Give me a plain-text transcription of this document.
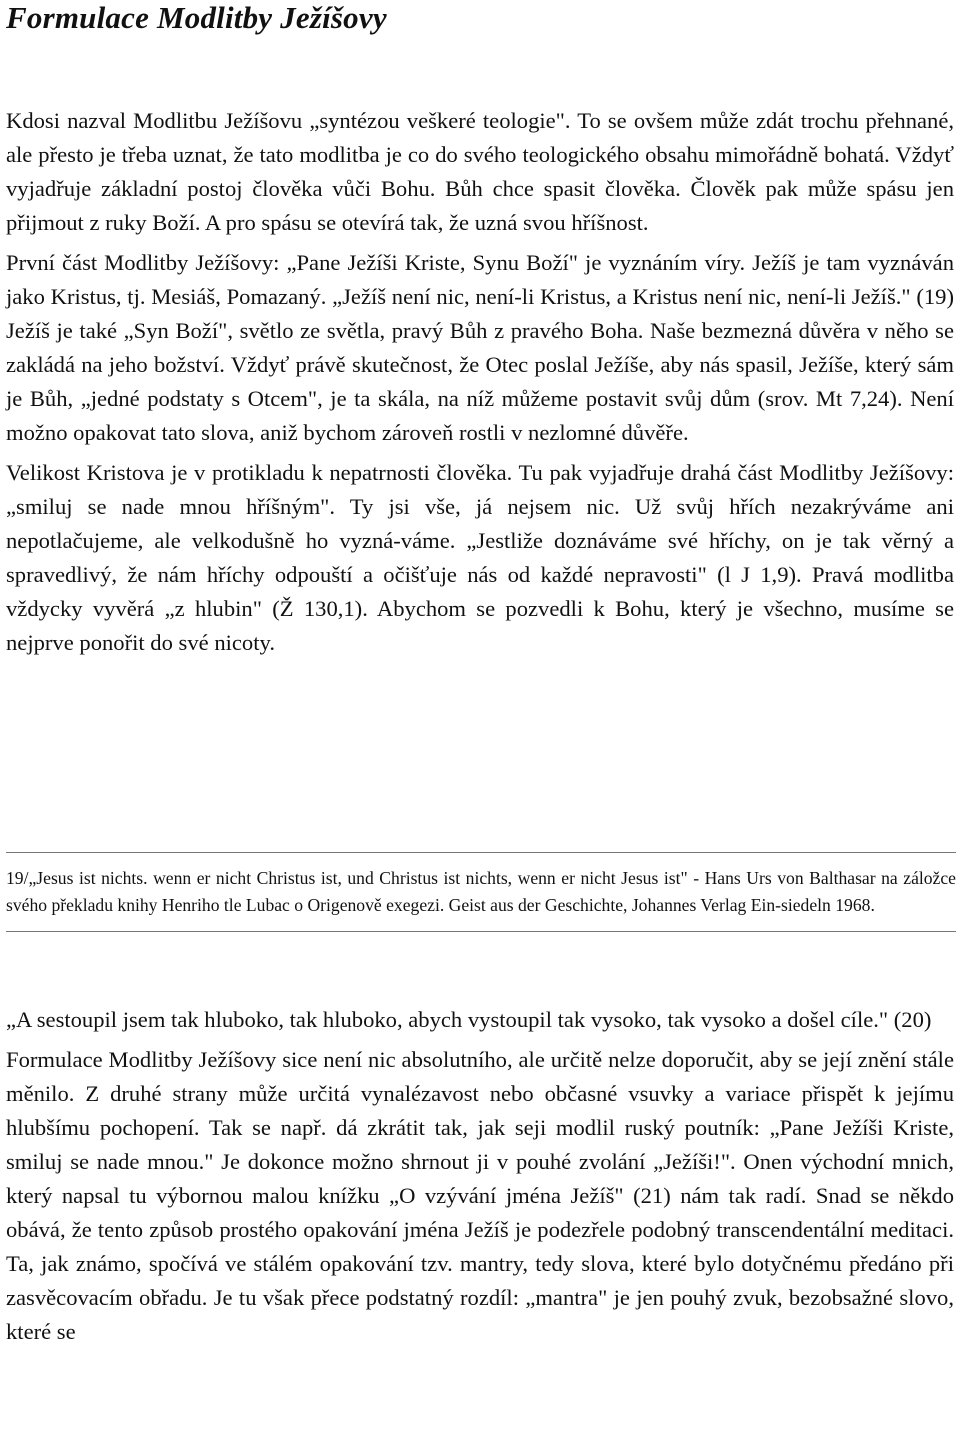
Formulace Modlitby Ježíšovy

Kdosi nazval Modlitbu Ježíšovu „syntézou veškeré teologie". To se ovšem může zdát trochu přehnané, ale přesto je třeba uznat, že tato modlitba je co do svého teologického obsahu mimořádně bohatá. Vždyť vyjadřuje základní postoj člověka vůči Bohu. Bůh chce spasit člověka. Člověk pak může spásu jen přijmout z ruky Boží. A pro spásu se otevírá tak, že uzná svou hříšnost.

První část Modlitby Ježíšovy: „Pane Ježíši Kriste, Synu Boží" je vyznáním víry. Ježíš je tam vyznáván jako Kristus, tj. Mesiáš, Pomazaný. „Ježíš není nic, není-li Kristus, a Kristus není nic, není-li Ježíš." (19) Ježíš je také „Syn Boží", světlo ze světla, pravý Bůh z pravého Boha. Naše bezmezná důvěra v něho se zakládá na jeho božství. Vždyť právě skutečnost, že Otec poslal Ježíše, aby nás spasil, Ježíše, který sám je Bůh, „jedné podstaty s Otcem", je ta skála, na níž můžeme postavit svůj dům (srov. Mt 7,24). Není možno opakovat tato slova, aniž bychom zároveň rostli v nezlomné důvěře.

Velikost Kristova je v protikladu k nepatrnosti člověka. Tu pak vyjadřuje drahá část Modlitby Ježíšovy: „smiluj se nade mnou hříšným". Ty jsi vše, já nejsem nic. Už svůj hřích nezakrýváme ani nepotlačujeme, ale velkodušně ho vyzná-váme. „Jestliže doznáváme své hříchy, on je tak věrný a spravedlivý, že nám hříchy odpouští a očišťuje nás od každé nepravosti" (l J 1,9). Pravá modlitba vždycky vyvěrá „z hlubin" (Ž 130,1). Abychom se pozvedli k Bohu, který je všechno, musíme se nejprve ponořit do své nicoty.

19/„Jesus ist nichts. wenn er nicht Christus ist, und Christus ist nichts, wenn er nicht Jesus ist" - Hans Urs von Balthasar na záložce svého překladu knihy Henriho tle Lubac o Origenově exegezi. Geist aus der Geschichte, Johannes Verlag Ein-siedeln 1968.

„A sestoupil jsem tak hluboko, tak hluboko, abych vystoupil tak vysoko, tak vysoko a došel cíle." (20)

Formulace Modlitby Ježíšovy sice není nic absolutního, ale určitě nelze doporučit, aby se její znění stále měnilo. Z druhé strany může určitá vynalézavost nebo občasné vsuvky a variace přispět k jejímu hlubšímu pochopení. Tak se např. dá zkrátit tak, jak seji modlil ruský poutník: „Pane Ježíši Kriste, smiluj se nade mnou." Je dokonce možno shrnout ji v pouhé zvolání „Ježíši!". Onen východní mnich, který napsal tu výbornou malou knížku „O vzývání jména Ježíš" (21) nám tak radí. Snad se někdo obává, že tento způsob prostého opakování jména Ježíš je podezřele podobný transcendentální meditaci. Ta, jak známo, spočívá ve stálém opakování tzv. mantry, tedy slova, které bylo dotyčnému předáno při zasvěcovacím obřadu. Je tu však přece podstatný rozdíl: „mantra" je jen pouhý zvuk, bezobsažné slovo, které se
